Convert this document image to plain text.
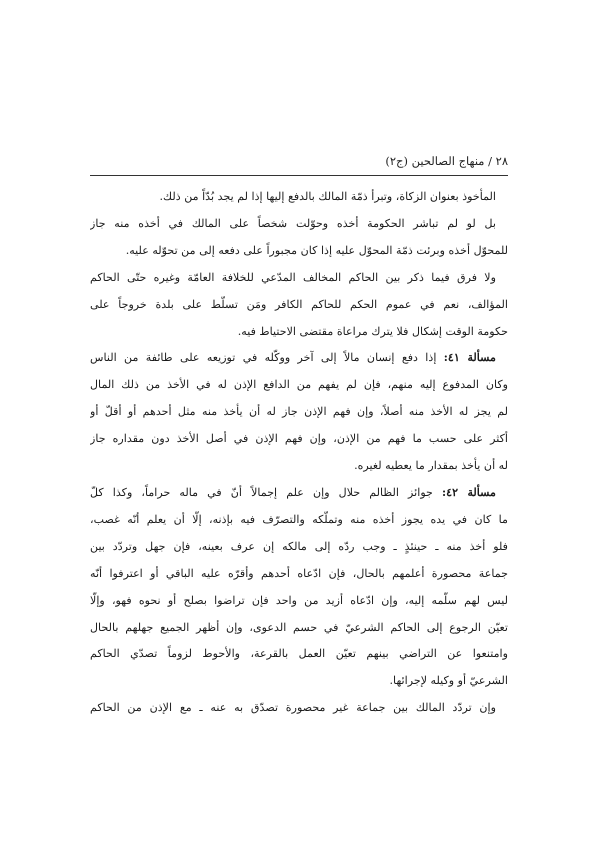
٢٨ / منهاج الصالحين (ج٢)

المأخوذ بعنوان الزكاة، وتبرأ ذمّة المالك بالدفع إليها إذا لم يجد بُدّاً من ذلك.

بل لو لم تباشر الحكومة أخذه وحوّلت شخصاً على المالك في أخذه منه جاز
للمحوّل أخذه وبرئت ذمّة المحوّل عليه إذا كان مجبوراً على دفعه إلى من تحوّله عليه.

ولا فرق فيما ذكر بين الحاكم المخالف المدّعي للخلافة العامّة وغيره حتّى الحاكم
المؤالف، نعم في عموم الحكم للحاكم الكافر ومَن تسلّط على بلدة خروجاً على
حكومة الوقت إشكال فلا يترك مراعاة مقتضى الاحتياط فيه.

مسألة ٤١: إذا دفع إنسان مالاً إلى آخر ووكّله في توزيعه على طائفة من الناس
وكان المدفوع إليه منهم، فإن لم يفهم من الدافع الإذن له في الأخذ من ذلك المال
لم يجز له الأخذ منه أصلاً، وإن فهم الإذن جاز له أن يأخذ منه مثل أحدهم أو أقلّ أو
أكثر على حسب ما فهم من الإذن، وإن فهم الإذن في أصل الأخذ دون مقداره جاز
له أن يأخذ بمقدار ما يعطيه لغيره.

مسألة ٤٢: جوائز الظالم حلال وإن علم إجمالاً أنّ في ماله حراماً، وكذا كلّ
ما كان في يده يجوز أخذه منه وتملّكه والتصرّف فيه بإذنه، إلّا أن يعلم أنّه غصب،
فلو أخذ منه ـ حينئذٍ ـ وجب ردّه إلى مالكه إن عرف بعينه، فإن جهل وتردّد بين
جماعة محصورة أعلمهم بالحال، فإن ادّعاه أحدهم وأقرّه عليه الباقي أو اعترفوا أنّه
ليس لهم سلّمه إليه، وإن ادّعاه أزيد من واحد فإن تراضوا بصلح أو نحوه فهو، وإلّا
تعيّن الرجوع إلى الحاكم الشرعيّ في حسم الدعوى، وإن أظهر الجميع جهلهم بالحال
وامتنعوا عن التراضي بينهم تعيّن العمل بالقرعة، والأحوط لزوماً تصدّي الحاكم
الشرعيّ أو وكيله لإجرائها.

وإن تردّد المالك بين جماعة غير محصورة تصدّق به عنه ـ مع الإذن من الحاكم
